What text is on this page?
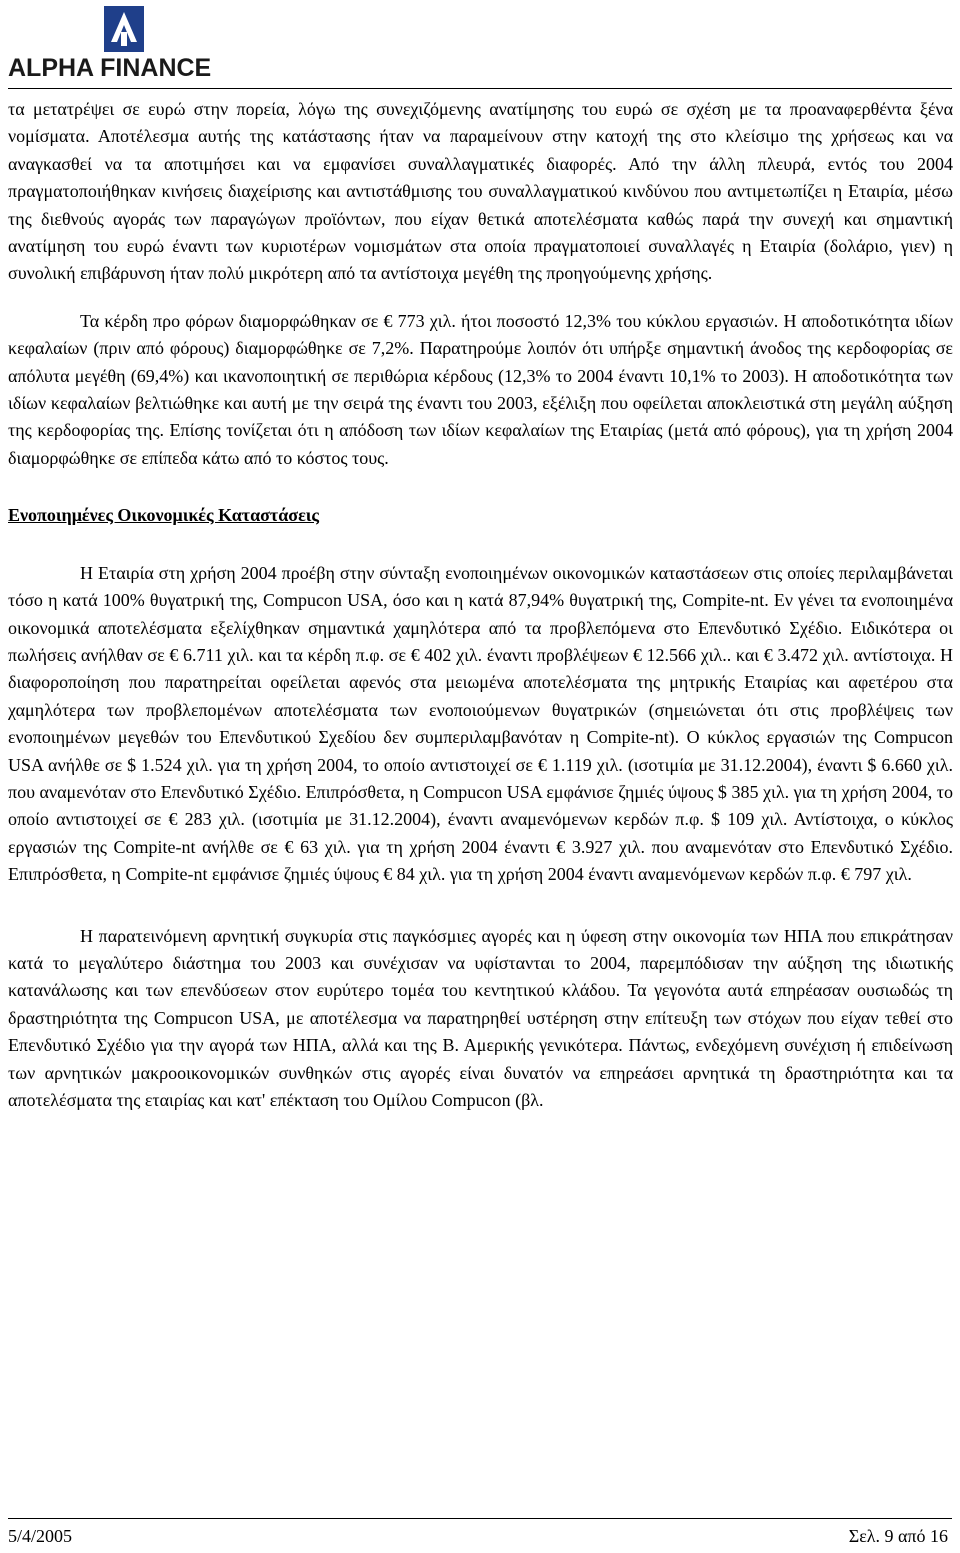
ALPHA FINANCE

τα μετατρέψει σε ευρώ στην πορεία, λόγω της συνεχιζόμενης ανατίμησης του ευρώ σε σχέση με τα προαναφερθέντα ξένα νομίσματα. Αποτέλεσμα αυτής της κατάστασης ήταν να παραμείνουν στην κατοχή της στο κλείσιμο της χρήσεως και να αναγκασθεί να τα αποτιμήσει και να εμφανίσει συναλλαγματικές διαφορές. Από την άλλη πλευρά, εντός του 2004 πραγματοποιήθηκαν κινήσεις διαχείρισης και αντιστάθμισης του συναλλαγματικού κινδύνου που αντιμετωπίζει η Εταιρία, μέσω της διεθνούς αγοράς των παραγώγων προϊόντων, που είχαν θετικά αποτελέσματα καθώς παρά την συνεχή και σημαντική ανατίμηση του ευρώ έναντι των κυριοτέρων νομισμάτων στα οποία πραγματοποιεί συναλλαγές η Εταιρία (δολάριο, γιεν) η συνολική επιβάρυνση ήταν πολύ μικρότερη από τα αντίστοιχα μεγέθη της προηγούμενης χρήσης.

Τα κέρδη προ φόρων διαμορφώθηκαν σε € 773 χιλ. ήτοι ποσοστό 12,3% του κύκλου εργασιών. Η αποδοτικότητα ιδίων κεφαλαίων (πριν από φόρους) διαμορφώθηκε σε 7,2%. Παρατηρούμε λοιπόν ότι υπήρξε σημαντική άνοδος της κερδοφορίας σε απόλυτα μεγέθη (69,4%) και ικανοποιητική σε περιθώρια κέρδους (12,3% το 2004 έναντι 10,1% το 2003). Η αποδοτικότητα των ιδίων κεφαλαίων βελτιώθηκε και αυτή με την σειρά της έναντι του 2003, εξέλιξη που οφείλεται αποκλειστικά στη μεγάλη αύξηση της κερδοφορίας της. Επίσης τονίζεται ότι η απόδοση των ιδίων κεφαλαίων της Εταιρίας (μετά από φόρους), για τη χρήση 2004 διαμορφώθηκε σε επίπεδα κάτω από το κόστος τους.

Ενοποιημένες Οικονομικές Καταστάσεις

Η Εταιρία στη χρήση 2004 προέβη στην σύνταξη ενοποιημένων οικονομικών καταστάσεων στις οποίες περιλαμβάνεται τόσο η κατά 100% θυγατρική της, Compucon USA, όσο και η κατά 87,94% θυγατρική της, Compite-nt. Εν γένει τα ενοποιημένα οικονομικά αποτελέσματα εξελίχθηκαν σημαντικά χαμηλότερα από τα προβλεπόμενα στο Επενδυτικό Σχέδιο. Ειδικότερα οι πωλήσεις ανήλθαν σε € 6.711 χιλ. και τα κέρδη π.φ. σε € 402 χιλ. έναντι προβλέψεων € 12.566 χιλ.. και € 3.472 χιλ. αντίστοιχα. Η διαφοροποίηση που παρατηρείται οφείλεται αφενός στα μειωμένα αποτελέσματα της μητρικής Εταιρίας και αφετέρου στα χαμηλότερα των προβλεπομένων αποτελέσματα των ενοποιούμενων θυγατρικών (σημειώνεται ότι στις προβλέψεις των ενοποιημένων μεγεθών του Επενδυτικού Σχεδίου δεν συμπεριλαμβανόταν η Compite-nt). Ο κύκλος εργασιών της Compucon USA ανήλθε σε $ 1.524 χιλ. για τη χρήση 2004, το οποίο αντιστοιχεί σε € 1.119 χιλ. (ισοτιμία με 31.12.2004), έναντι $ 6.660 χιλ. που αναμενόταν στο Επενδυτικό Σχέδιο. Επιπρόσθετα, η Compucon USA εμφάνισε ζημιές ύψους $ 385 χιλ. για τη χρήση 2004, το οποίο αντιστοιχεί σε € 283 χιλ. (ισοτιμία με 31.12.2004), έναντι αναμενόμενων κερδών π.φ. $ 109 χιλ. Αντίστοιχα, ο κύκλος εργασιών της Compite-nt ανήλθε σε € 63 χιλ. για τη χρήση 2004 έναντι € 3.927 χιλ. που αναμενόταν στο Επενδυτικό Σχέδιο. Επιπρόσθετα, η Compite-nt εμφάνισε ζημιές ύψους € 84 χιλ. για τη χρήση 2004 έναντι αναμενόμενων κερδών π.φ. € 797 χιλ.

Η παρατεινόμενη αρνητική συγκυρία στις παγκόσμιες αγορές και η ύφεση στην οικονομία των ΗΠΑ που επικράτησαν κατά το μεγαλύτερο διάστημα του 2003 και συνέχισαν να υφίστανται το 2004, παρεμπόδισαν την αύξηση της ιδιωτικής κατανάλωσης και των επενδύσεων στον ευρύτερο τομέα του κεντητικού κλάδου. Τα γεγονότα αυτά επηρέασαν ουσιωδώς τη δραστηριότητα της Compucon USA, με αποτέλεσμα να παρατηρηθεί υστέρηση στην επίτευξη των στόχων που είχαν τεθεί στο Επενδυτικό Σχέδιο για την αγορά των ΗΠΑ, αλλά και της Β. Αμερικής γενικότερα. Πάντως, ενδεχόμενη συνέχιση ή επιδείνωση των αρνητικών μακροοικονομικών συνθηκών στις αγορές είναι δυνατόν να επηρεάσει αρνητικά τη δραστηριότητα και τα αποτελέσματα της εταιρίας και κατ' επέκταση του Ομίλου Compucon (βλ.

5/4/2005	Σελ. 9 από 16
